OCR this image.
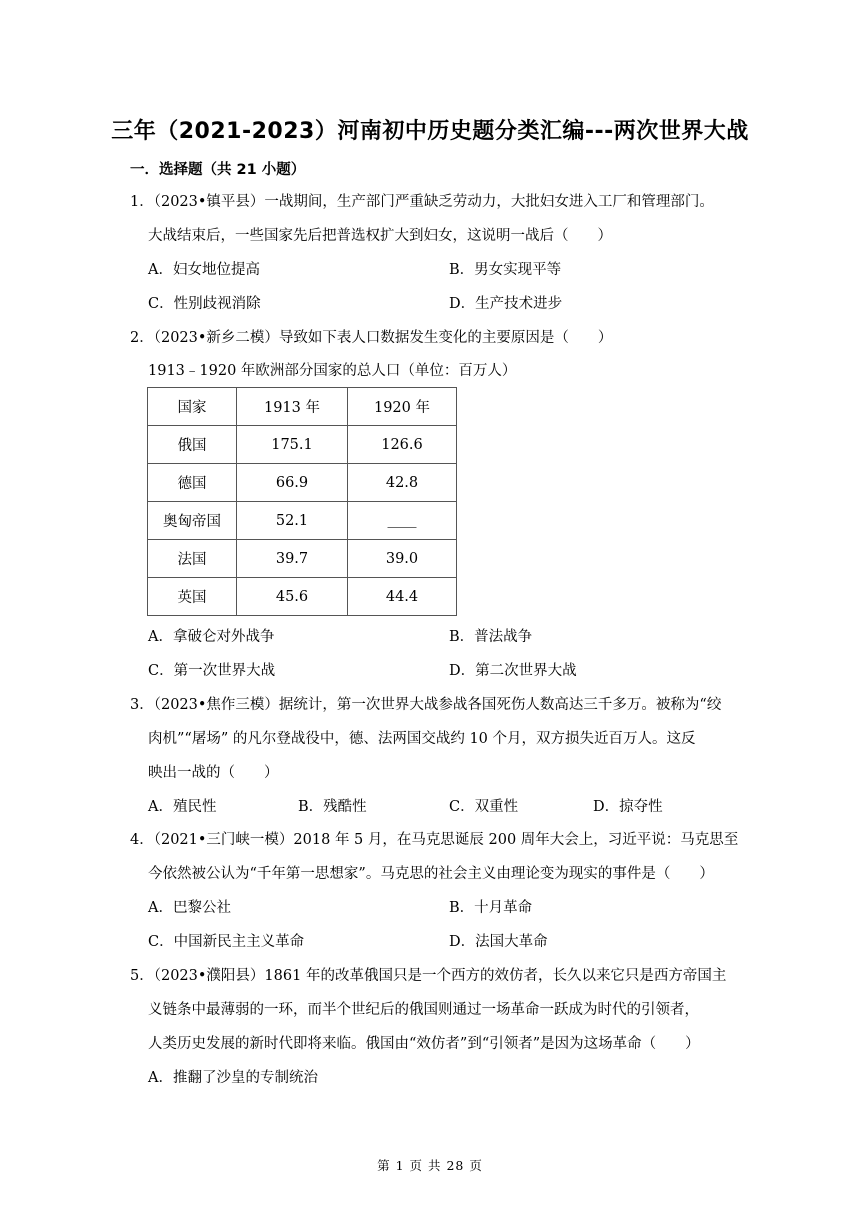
三年（2021-2023）河南初中历史题分类汇编---两次世界大战
一．选择题（共 21 小题）
1．（2023•镇平县）一战期间，生产部门严重缺乏劳动力，大批妇女进入工厂和管理部门。
大战结束后，一些国家先后把普选权扩大到妇女，这说明一战后（　　）
A．妇女地位提高	B．男女实现平等
C．性别歧视消除	D．生产技术进步
2．（2023•新乡二模）导致如下表人口数据发生变化的主要原因是（　　）
1913﹣1920 年欧洲部分国家的总人口（单位：百万人）
国家	1913 年	1920 年
俄国	175.1	126.6
德国	66.9	42.8
奥匈帝国	52.1	＿＿
法国	39.7	39.0
英国	45.6	44.4
A．拿破仑对外战争	B．普法战争
C．第一次世界大战	D．第二次世界大战
3．（2023•焦作三模）据统计，第一次世界大战参战各国死伤人数高达三千多万。被称为“绞
肉机”“屠场” 的凡尔登战役中，德、法两国交战约 10 个月，双方损失近百万人。这反
映出一战的（　　）
A．殖民性	B．残酷性	C．双重性	D．掠夺性
4．（2021•三门峡一模）2018 年 5 月，在马克思诞辰 200 周年大会上，习近平说：马克思至
今依然被公认为“千年第一思想家”。马克思的社会主义由理论变为现实的事件是（　　）
A．巴黎公社	B．十月革命
C．中国新民主主义革命	D．法国大革命
5．（2023•濮阳县）1861 年的改革俄国只是一个西方的效仿者，长久以来它只是西方帝国主
义链条中最薄弱的一环，而半个世纪后的俄国则通过一场革命一跃成为时代的引领者，
人类历史发展的新时代即将来临。俄国由“效仿者”到“引领者”是因为这场革命（　　）
A．推翻了沙皇的专制统治
第 1 页 共 28 页
